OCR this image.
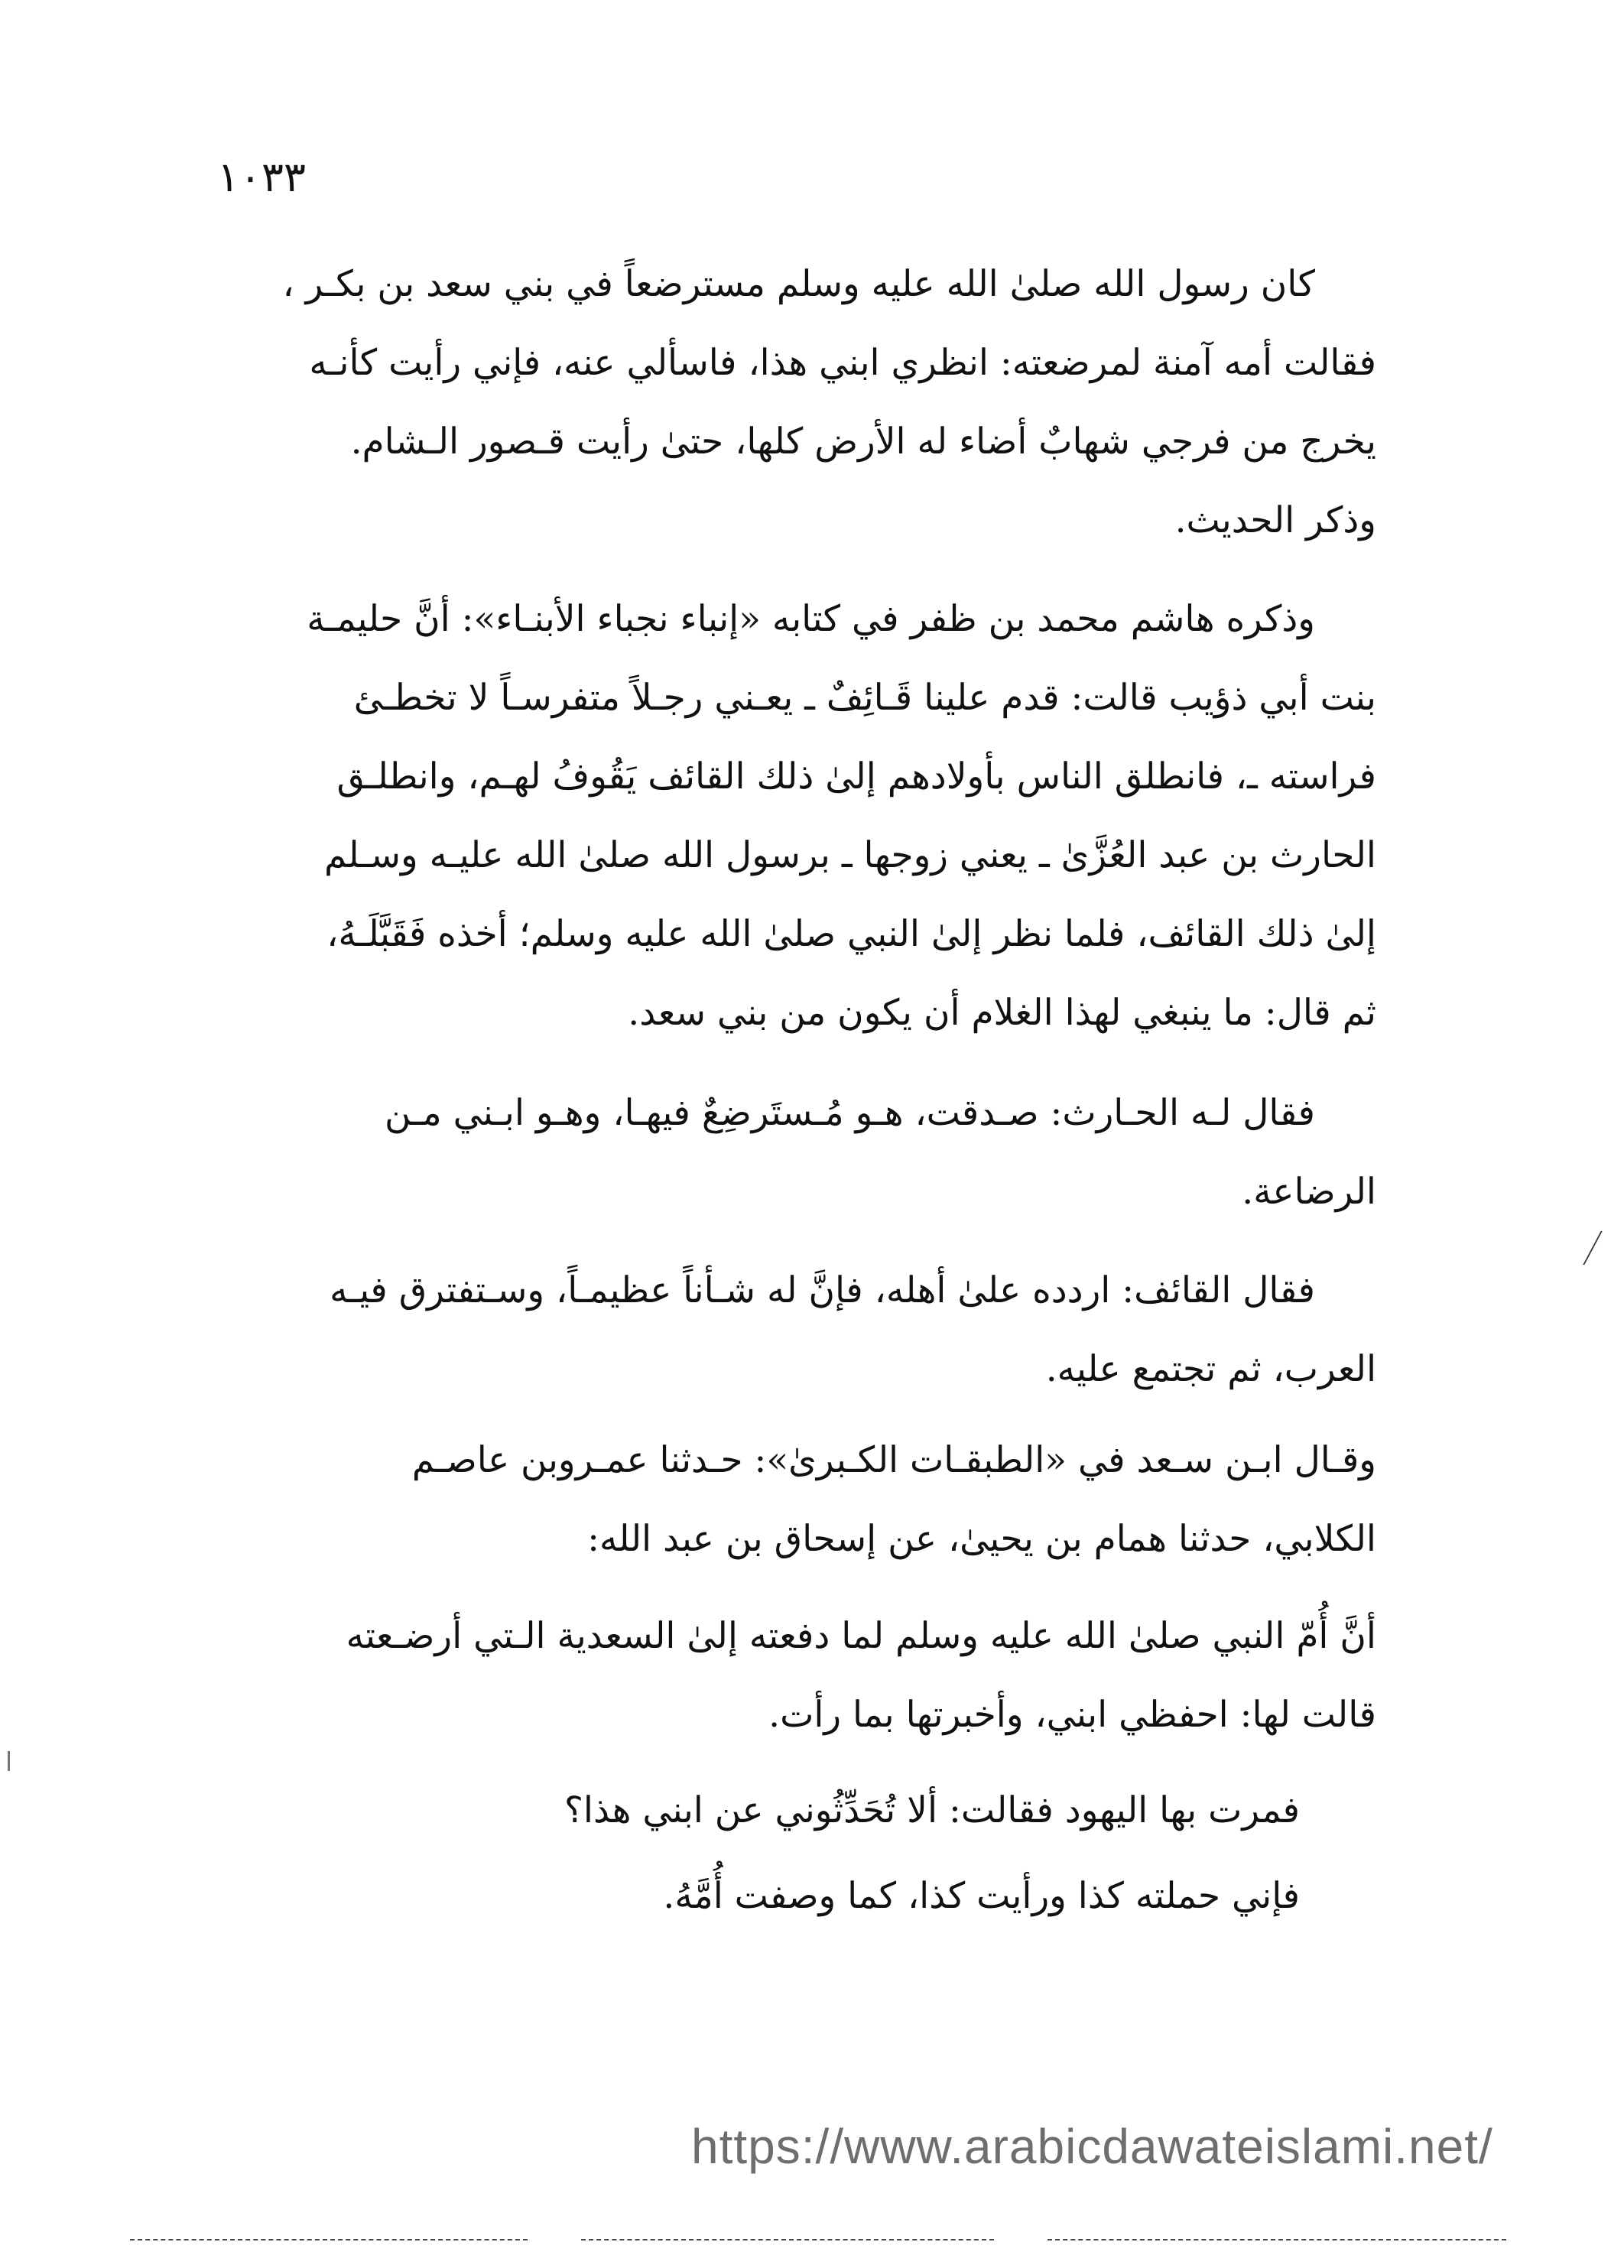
١٠٣٣
كان رسول الله صلىٰ الله عليه وسلم مسترضعاً في بني سعد بن بكـر ،
فقالت أمه آمنة لمرضعته: انظري ابني هذا، فاسألي عنه، فإني رأيت كأنـه
يخرج من فرجي شهابٌ أضاء له الأرض كلها، حتىٰ رأيت قـصور الـشام.
وذكر الحديث.
وذكره هاشم محمد بن ظفر في كتابه «إنباء نجباء الأبنـاء»: أنَّ حليمـة
بنت أبي ذؤيب قالت: قدم علينا قَـائِفٌ ـ يعـني رجـلاً متفرسـاً لا تخطـئ
فراسته ـ، فانطلق الناس بأولادهم إلىٰ ذلك القائف يَقُوفُ لهـم، وانطلـق
الحارث بن عبد العُزَّىٰ ـ يعني زوجها ـ برسول الله صلىٰ الله عليـه وسـلم
إلىٰ ذلك القائف، فلما نظر إلىٰ النبي صلىٰ الله عليه وسلم؛ أخذه فَقَبَّلَـهُ،
ثم قال: ما ينبغي لهذا الغلام أن يكون من بني سعد.
فقال لـه الحـارث: صـدقت، هـو مُـستَرضِعٌ فيهـا، وهـو ابـني مـن
الرضاعة.
فقال القائف: اردده علىٰ أهله، فإنَّ له شـأناً عظيمـاً، وسـتفترق فيـه
العرب، ثم تجتمع عليه.
وقـال ابـن سـعد في «الطبقـات الكـبرىٰ»: حـدثنا عمـروبن عاصـم
الكلابي، حدثنا همام بن يحيىٰ، عن إسحاق بن عبد الله:
أنَّ أُمّ النبي صلىٰ الله عليه وسلم لما دفعته إلىٰ السعدية الـتي أرضـعته
قالت لها: احفظي ابني، وأخبرتها بما رأت.
فمرت بها اليهود فقالت: ألا تُحَدِّثُوني عن ابني هذا؟
فإني حملته كذا ورأيت كذا، كما وصفت أُمَّهُ.
https://www.arabicdawateislami.net/
